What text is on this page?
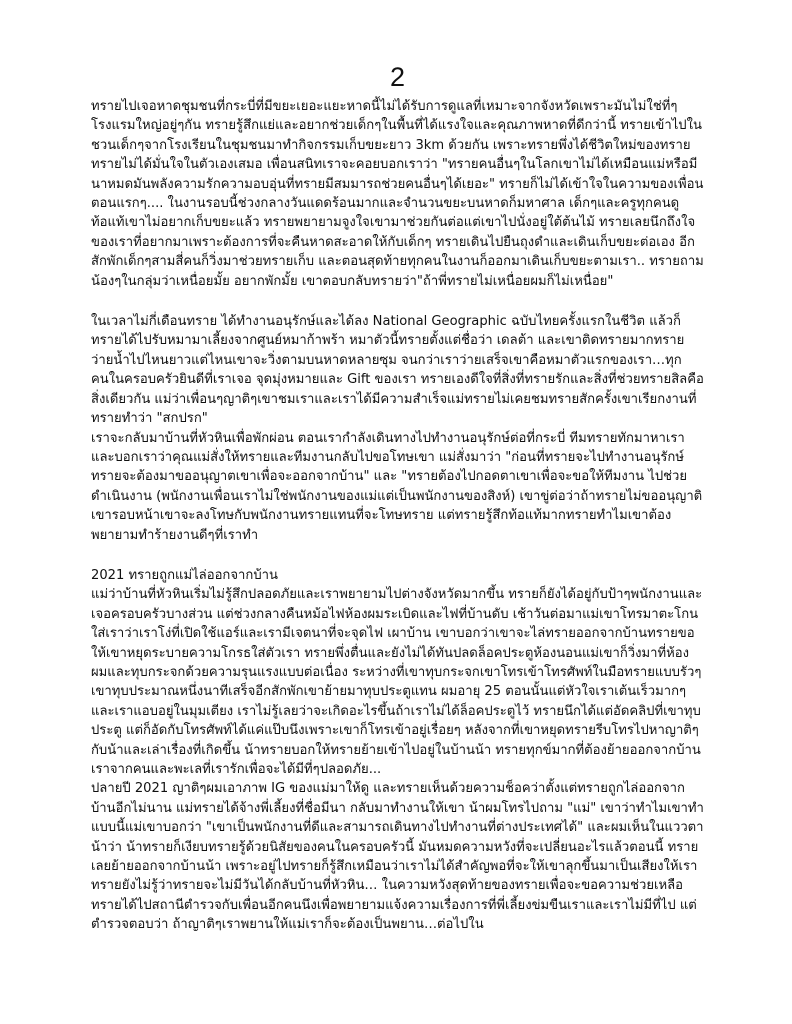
2

ทรายไปเจอหาดชุมชนที่กระบี่ที่มีขยะเยอะแยะหาดนี้ไม่ได้รับการดูแลที่เหมาะจากจังหวัดเพราะมันไม่ใช่ที่ๆโรงแรมใหญ่อยู่ๆกัน ทรายรู้สึกแย่และอยากช่วยเด็กๆในพื้นที่ได้แรงใจและคุณภาพหาดที่ดีกว่านี้ ทรายเข้าไปในชวนเด็กๆจากโรงเรียนในชุมชนมาทำกิจกรรมเก็บขยะยาว 3km ด้วยกัน เพราะทรายพึ่งได้ชีวิตใหม่ของทราย ทรายไม่ได้มั่นใจในตัวเองเสมอ เพื่อนสนิทเราจะคอยบอกเราว่า "ทรายคนอื่นๆในโลกเขาไม่ได้เหมือนแม่หรือมีนาหมดมันพลังความรักความอบอุ่นที่ทรายมีสมมารถช่วยคนอื่นๆได้เยอะ" ทรายก็ไม่ได้เข้าใจในความของเพื่อนตอนแรกๆ.... ในงานรอบนี้ช่วงกลางวันแดดร้อนมากและจำนวนขยะบนหาดก็มหาศาล เด็กๆและครูทุกคนดู ท้อแท้เขาไม่อยากเก็บขยะแล้ว ทรายพยายามจูงใจเขามาช่วยกันต่อแต่เขาไปนั่งอยู่ใต้ต้นไม้ ทรายเลยนึกถึงใจของเราที่อยากมาเพราะต้องการที่จะคืนหาดสะอาดให้กับเด็กๆ ทรายเดินไปยืนถุงดำและเดินเก็บขยะต่อเอง อีกสักพักเด็กๆสามสี่คนก็วิ่งมาช่วยทรายเก็บ และตอนสุดท้ายทุกคนในงานก็ออกมาเดินเก็บขยะตามเรา.. ทรายถามน้องๆในกลุ่มว่าเหนื่อยมั้ย อยากพักมั้ย เขาตอบกลับทรายว่า"ถ้าพี่ทรายไม่เหนื่อยผมก็ไม่เหนื่อย"

ในเวลาไม่กี่เดือนทราย ได้ทำงานอนุรักษ์และได้ลง National Geographic ฉบับไทยครั้งแรกในชีวิต แล้วก็ทรายได้ไปรับหมามาเลี้ยงจากศูนย์หมาก้าพร้า หมาตัวนี้ทรายตั้งแต่ชื่อว่า เดลต้า และเขาติดทรายมากทรายว่ายน้ำไปไหนยาวแต่ไหนเขาจะวิ่งตามบนหาดหลายซุม จนกว่าเราว่ายเสร็จเขาคือหมาตัวแรกของเรา…ทุกคนในครอบครัวยินดีที่เราเจอ จุดมุ่งหมายและ Gift ของเรา ทรายเองดีใจที่สิ่งที่ทรายรักและสิ่งที่ช่วยทรายสิลคือสิ่งเดียวกัน แม่ว่าเพื่อนๆญาติๆเขาชมเราและเราได้มีความสำเร็จแม่ทรายไม่เคยชมทรายสักครั้งเขาเรียกงานที่ทรายทำว่า "สกปรก"

เราจะกลับมาบ้านที่หัวหินเพื่อพักผ่อน ตอนเรากำลังเดินทางไปทำงานอนุรักษ์ต่อที่กระบี่ ทีมทรายทักมาหาเราและบอกเราว่าคุณแม่สั่งให้ทรายและทีมงานกลับไปขอโทษเขา แม่สั่งมาว่า "ก่อนที่ทรายจะไปทำงานอนุรักษ์ ทรายจะต้องมาขออนุญาตเขาเพื่อจะออกจากบ้าน" และ "ทรายต้องไปกอดตาเขาเพื่อจะขอให้ทีมงาน ไปช่วยดำเนินงาน (พนักงานเพื่อนเราไม่ใช่พนักงานของแม่แต่เป็นพนักงานของสิงห์) เขาขู่ต่อว่าถ้าทรายไม่ขออนุญาติเขารอบหน้าเขาจะลงโทษกับพนักงานทรายแทนที่จะโทษทราย แต่ทรายรู้สึกท้อแท้มากทรายทำไมเขาต้องพยายามทำร้ายงานดีๆที่เราทำ

2021 ทรายถูกแม่ไล่ออกจากบ้าน

แม่ว่าบ้านที่หัวหินเริ่มไม่รู้สึกปลอดภัยและเราพยายามไปต่างจังหวัดมากขึ้น ทรายก็ยังได้อยู่กับป้าๆพนักงานและเจอครอบครัวบางส่วน แต่ช่วงกลางคืนหม้อไฟห้องผมระเบิดและไฟที่บ้านดับ เช้าวันต่อมาแม่เขาโทรมาตะโกนใส่เราว่าเราโง่ที่เปิดใช้แอร์และเรามีเจตนาที่จะจุดไฟ เผาบ้าน เขาบอกว่าเขาจะไล่ทรายออกจากบ้านทรายขอให้เขาหยุดระบายความโกรธใส่ตัวเรา ทรายพึ่งตื่นและยังไม่ได้ทันปลดล็อคประตูห้องนอนแม่เขาก็วิ่งมาที่ห้องผมและทุบกระจกด้วยความรุนแรงแบบต่อเนื่อง ระหว่างที่เขาทุบกระจกเขาโทรเข้าโทรศัพท์ในมือทรายแบบรัวๆเขาทุบประมาณหนึ่งนาทีเสร็จอีกสักพักเขาย้ายมาทุบประตูแทน ผมอายุ 25 ตอนนั้นแต่หัวใจเราเต้นเร็วมากๆและเราแอบอยู่ในมุมเตียง เราไม่รู้เลยว่าจะเกิดอะไรขึ้นถ้าเราไม่ได้ล็อคประตูไว้ ทรายนึกได้แต่อัดคลิปที่เขาทุบประตู แต่ก็อัดกับโทรศัพท์ได้แค่แป๊บนึงเพราะเขาก็โทรเข้าอยู่เรื่อยๆ หลังจากที่เขาหยุดทรายรีบโทรไปหาญาติๆกับน้าและเล่าเรื่องที่เกิดขึ้น น้าทรายบอกให้ทรายย้ายเข้าไปอยู่ในบ้านน้า ทรายทุกข์มากที่ต้องย้ายออกจากบ้านเราจากคนและพะเลที่เรารักเพื่อจะได้มีที่ๆปลอดภัย...

ปลายปี 2021 ญาติๆผมเอาภาพ IG ของแม่มาให้ดู และทรายเห็นด้วยความช็อคว่าตั้งแต่ทรายถูกไล่ออกจากบ้านอีกไม่นาน แม่ทรายได้จ้างพี่เลี้ยงที่ชื่อมีนา กลับมาทำงานให้เขา น้าผมโทรไปถาม "แม่" เขาว่าทำไมเขาทำแบบนี้แม่เขาบอกว่า "เขาเป็นพนักงานที่ดีและสามารถเดินทางไปทำงานที่ต่างประเทศได้" และผมเห็นในแววตาน้าว่า น้าทรายก็เงียบทรายรู้ด้วยนิสัยของคนในครอบครัวนี้ มันหมดความหวังที่จะเปลี่ยนอะไรแล้วตอนนี้ ทรายเลยย้ายออกจากบ้านน้า เพราะอยู่ไปทรายก็รู้สึกเหมือนว่าเราไม่ได้สำคัญพอที่จะให้เขาลุกขึ้นมาเป็นเสียงให้เรา ทรายยังไม่รู้ว่าทรายจะไม่มีวันได้กลับบ้านที่หัวหิน… ในความหวังสุดท้ายของทรายเพื่อจะขอความช่วยเหลือ ทรายได้ไปสถานีตำรวจกับเพื่อนอีกคนนึงเพื่อพยายามแจ้งความเรื่องการที่พี่เลี้ยงข่มขืนเราและเราไม่มีที่ไป แต่ตำรวจตอบว่า ถ้าญาติๆเราพยานให้แม่เราก็จะต้องเป็นพยาน…ต่อไปใน
